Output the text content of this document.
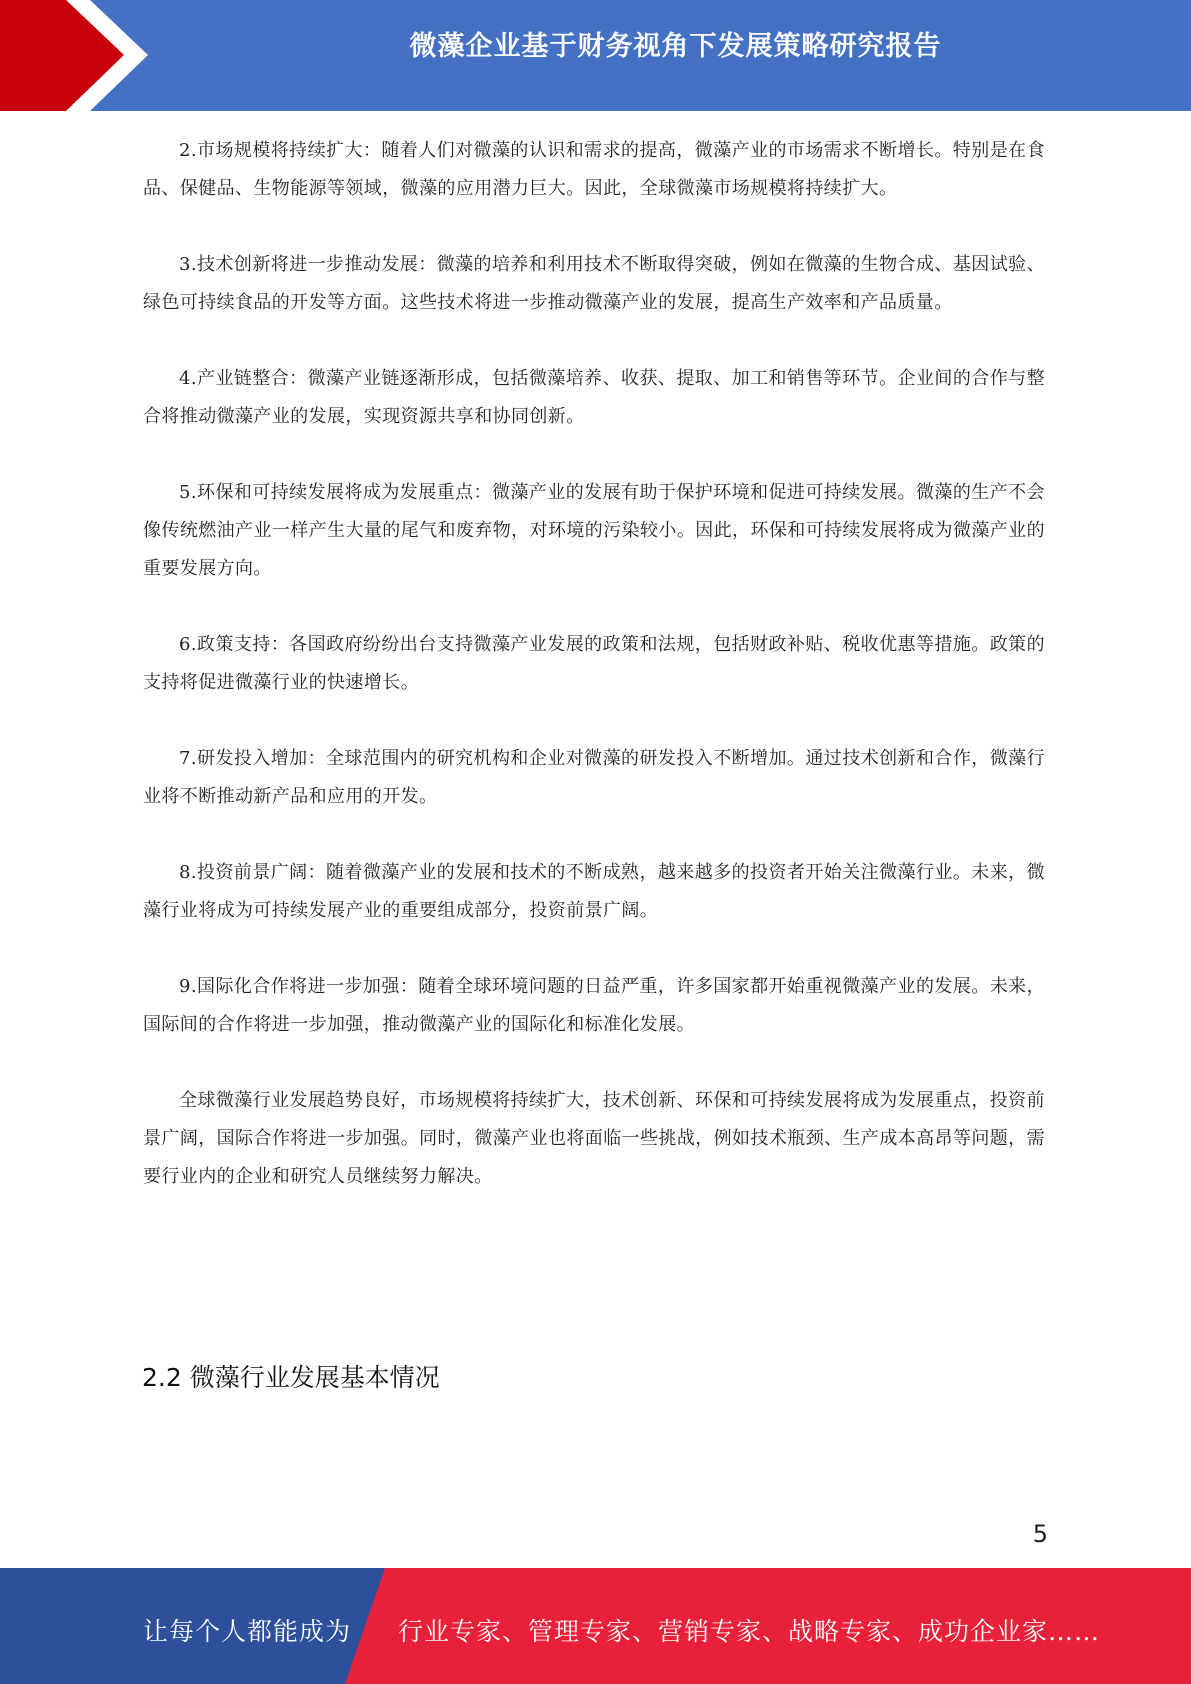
微藻企业基于财务视角下发展策略研究报告

2.市场规模将持续扩大：随着人们对微藻的认识和需求的提高，微藻产业的市场需求不断增长。特别是在食品、保健品、生物能源等领域，微藻的应用潜力巨大。因此，全球微藻市场规模将持续扩大。

3.技术创新将进一步推动发展：微藻的培养和利用技术不断取得突破，例如在微藻的生物合成、基因试验、绿色可持续食品的开发等方面。这些技术将进一步推动微藻产业的发展，提高生产效率和产品质量。

4.产业链整合：微藻产业链逐渐形成，包括微藻培养、收获、提取、加工和销售等环节。企业间的合作与整合将推动微藻产业的发展，实现资源共享和协同创新。

5.环保和可持续发展将成为发展重点：微藻产业的发展有助于保护环境和促进可持续发展。微藻的生产不会像传统燃油产业一样产生大量的尾气和废弃物，对环境的污染较小。因此，环保和可持续发展将成为微藻产业的重要发展方向。

6.政策支持：各国政府纷纷出台支持微藻产业发展的政策和法规，包括财政补贴、税收优惠等措施。政策的支持将促进微藻行业的快速增长。

7.研发投入增加：全球范围内的研究机构和企业对微藻的研发投入不断增加。通过技术创新和合作，微藻行业将不断推动新产品和应用的开发。

8.投资前景广阔：随着微藻产业的发展和技术的不断成熟，越来越多的投资者开始关注微藻行业。未来，微藻行业将成为可持续发展产业的重要组成部分，投资前景广阔。

9.国际化合作将进一步加强：随着全球环境问题的日益严重，许多国家都开始重视微藻产业的发展。未来，国际间的合作将进一步加强，推动微藻产业的国际化和标准化发展。

全球微藻行业发展趋势良好，市场规模将持续扩大，技术创新、环保和可持续发展将成为发展重点，投资前景广阔，国际合作将进一步加强。同时，微藻产业也将面临一些挑战，例如技术瓶颈、生产成本高昂等问题，需要行业内的企业和研究人员继续努力解决。

2.2 微藻行业发展基本情况
5
让每个人都能成为 行业专家、管理专家、营销专家、战略专家、成功企业家……
